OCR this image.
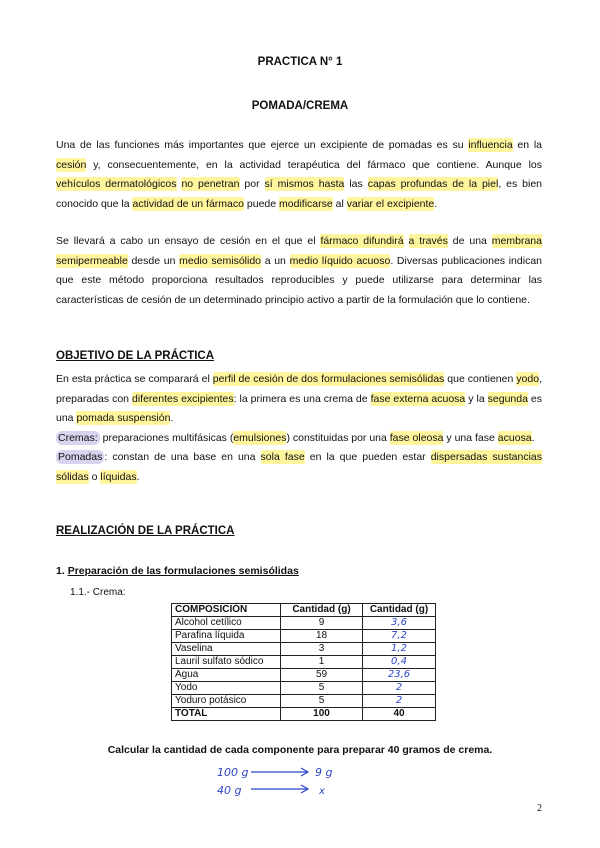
PRACTICA N° 1
POMADA/CREMA
Una de las funciones más importantes que ejerce un excipiente de pomadas es su influencia en la cesión y, consecuentemente, en la actividad terapéutica del fármaco que contiene. Aunque los vehículos dermatológicos no penetran por sí mismos hasta las capas profundas de la piel, es bien conocido que la actividad de un fármaco puede modificarse al variar el excipiente.
Se llevará a cabo un ensayo de cesión en el que el fármaco difundirá a través de una membrana semipermeable desde un medio semisólido a un medio líquido acuoso. Diversas publicaciones indican que este método proporciona resultados reproducibles y puede utilizarse para determinar las características de cesión de un determinado principio activo a partir de la formulación que lo contiene.
OBJETIVO DE LA PRÁCTICA
En esta práctica se comparará el perfil de cesión de dos formulaciones semisólidas que contienen yodo, preparadas con diferentes excipientes: la primera es una crema de fase externa acuosa y la segunda es una pomada suspensión.
Cremas: preparaciones multifásicas (emulsiones) constituidas por una fase oleosa y una fase acuosa.
Pomadas : constan de una base en una sola fase en la que pueden estar dispersadas sustancias sólidas o líquidas.
REALIZACIÓN DE LA PRÁCTICA
1. Preparación de las formulaciones semisólidas
1.1.- Crema:
COMPOSICIÓN	Cantidad (g)	Cantidad (g)
Alcohol cetílico	9	3,6
Parafina líquida	18	7,2
Vaselina	3	1,2
Lauril sulfato sódico	1	0,4
Agua	59	23,6
Yodo	5	2
Yoduro potásico	5	2
TOTAL	100	40
Calcular la cantidad de cada componente para preparar 40 gramos de crema.
100 g	9 g
40 g	x
2
